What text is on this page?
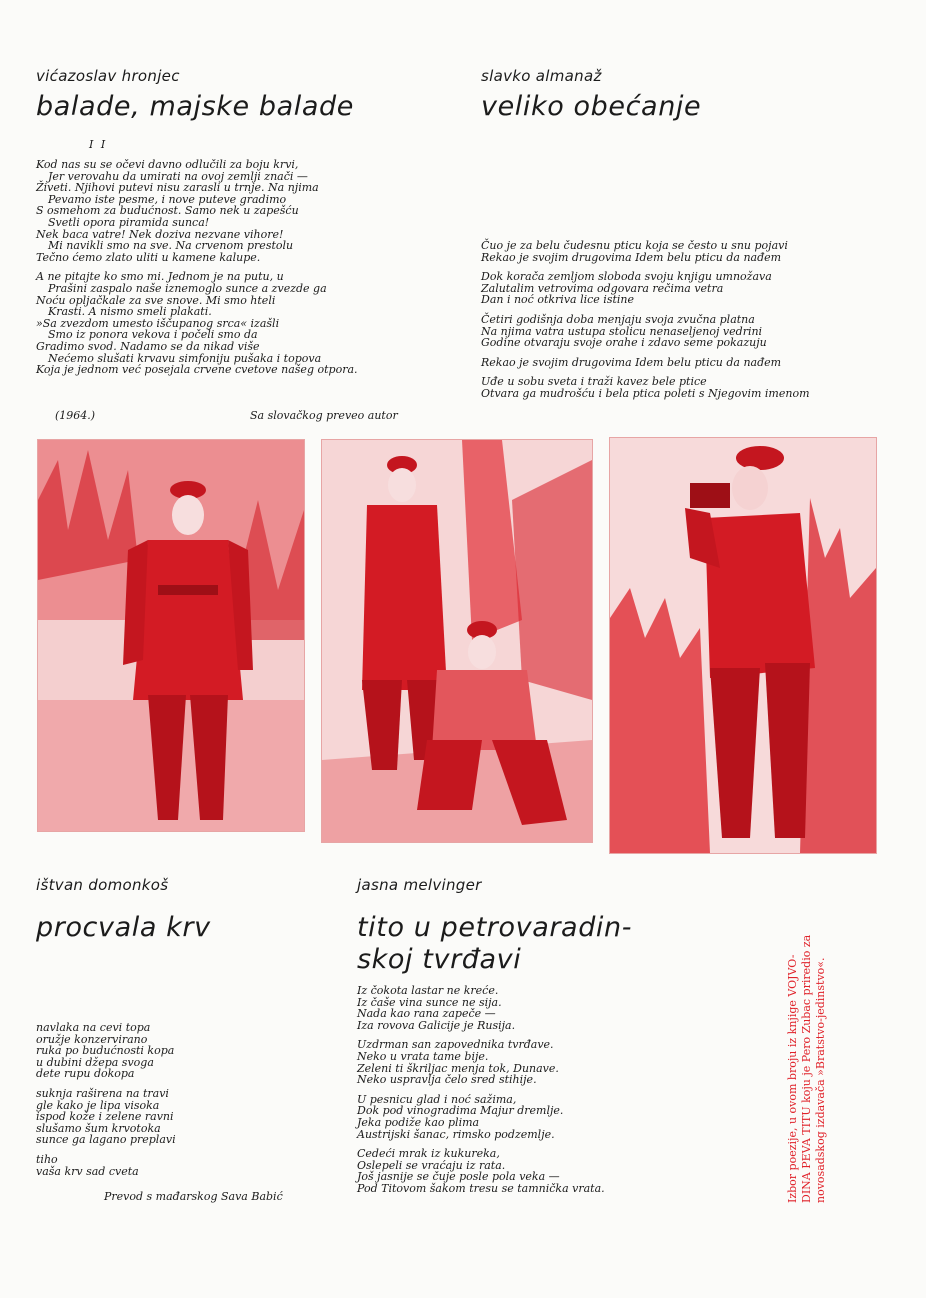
vićazoslav hronjec
balade, majske balade
I I
Kod nas su se očevi davno odlučili za boju krvi,
Jer verovahu da umirati na ovoj zemlji znači —
Živeti. Njihovi putevi nisu zarasli u trnje. Na njima
Pevamo iste pesme, i nove puteve gradimo
S osmehom za budućnost. Samo nek u zapešću
Svetli opora piramida sunca!
Nek baca vatre! Nek doziva nezvane vihore!
Mi navikli smo na sve. Na crvenom prestolu
Tečno ćemo zlato uliti u kamene kalupe.
A ne pitajte ko smo mi. Jednom je na putu, u
Prašini zaspalo naše iznemoglo sunce a zvezde ga
Noću opljačkale za sve snove. Mi smo hteli
Krasti. A nismo smeli plakati.
»Sa zvezdom umesto iščupanog srca« izašli
Smo iz ponora vekova i počeli smo da
Gradimo svod. Nadamo se da nikad više
Nećemo slušati krvavu simfoniju pušaka i topova
Koja je jednom već posejala crvene cvetove našeg otpora.
(1964.)	Sa slovačkog preveo autor
slavko almanaž
veliko obećanje
Čuo je za belu čudesnu pticu koja se često u snu pojavi
Rekao je svojim drugovima Idem belu pticu da nađem
Dok koračа zemljom sloboda svoju knjigu umnožava
Zalutalim vetrovima odgovara rečima vetra
Dan i noć otkriva lice istine
Četiri godišnja doba menjaju svoja zvučna platna
Na njima vatra ustupa stolicu nenaseljenoj vedrini
Godine otvaraju svoje orahe i zdavo seme pokazuju
Rekao je svojim drugovima Idem belu pticu da nađem
Uđe u sobu sveta i traži kavez bele ptice
Otvara ga mudrošću i bela ptica poleti s Njegovim imenom
ištvan domonkoš
procvala krv
navlaka na cevi topa
oružje konzervirano
ruka po budućnosti kopa
u dubini džepa svoga
dete rupu dokopa
suknja raširena na travi
gle kako je lipa visoka
ispod kože i zelene ravni
slušamo šum krvotoka
sunce ga lagano preplavi
tiho
vaša krv sad cveta
Prevod s mađarskog Sava Babić
jasna melvinger
tito u petrovaradin-
skoj tvrđavi
Iz čokota lastar ne kreće.
Iz čaše vina sunce ne sija.
Nada kao rana zapeče —
Iza rovova Galicije je Rusija.
Uzdrman san zapovednika tvrđave.
Neko u vrata tame bije.
Zeleni ti škriljac menja tok, Dunave.
Neko uspravlja čelo sred stihije.
U pesnicu glad i noć sažima,
Dok pod vinogradima Majur dremlje.
Jeka podiže kao plima
Austrijski šanac, rimsko podzemlje.
Cedeći mrak iz kukureka,
Oslepeli se vraćaju iz rata.
Još jasnije se čuje posle pola veka —
Pod Titovom šakom tresu se tamnička vrata.	Izbor poezije, u ovom broju iz knjige VOJVO- DINA PEVA TITU koju je Pero Zubac priredio za novosadskog izdavača »Bratstvo-jedinstvo«.
